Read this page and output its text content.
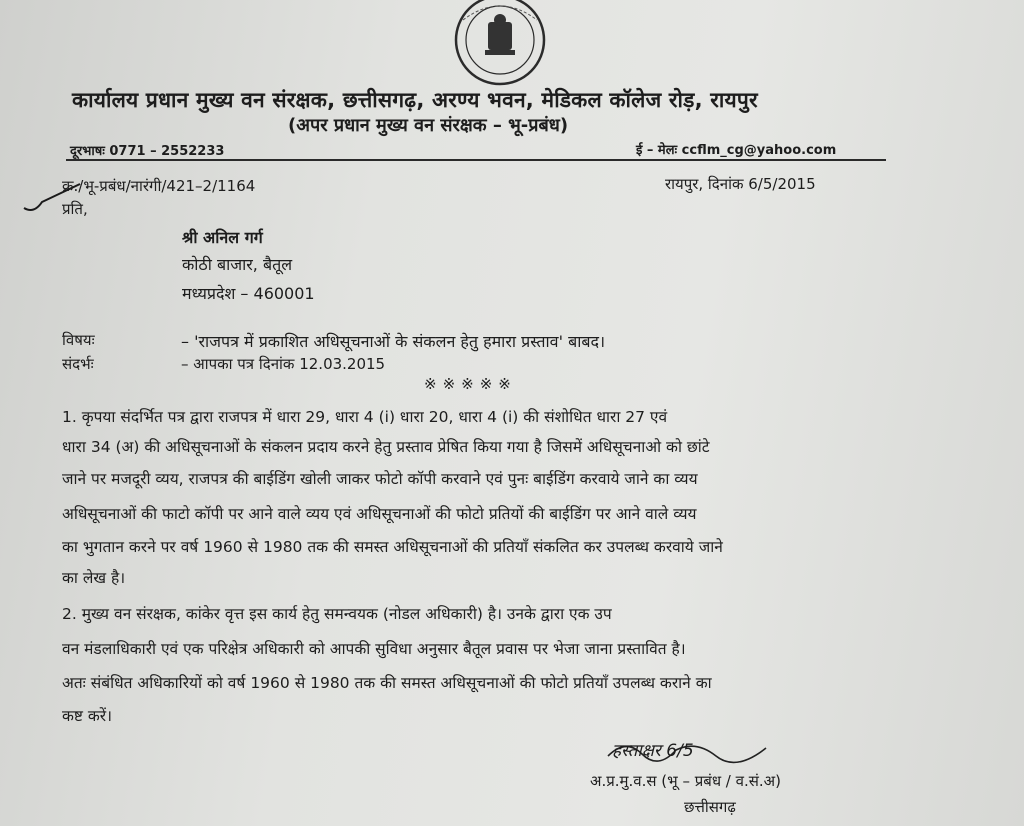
कार्यालय प्रधान मुख्य वन संरक्षक, छत्तीसगढ़, अरण्य भवन, मेडिकल कॉलेज रोड़, रायपुर
(अपर प्रधान मुख्य वन संरक्षक – भू-प्रबंध)
दूरभाषः 0771 – 2552233	ई – मेलः ccflm_cg@yahoo.com
क्र./भू-प्रबंध/नारंगी/421–2/1164	रायपुर, दिनांक 6/5/2015
प्रति,
श्री अनिल गर्ग
कोठी बाजार, बैतूल
मध्यप्रदेश – 460001
विषयः	– 'राजपत्र में प्रकाशित अधिसूचनाओं के संकलन हेतु हमारा प्रस्ताव' बाबद।
संदर्भः	– आपका पत्र दिनांक 12.03.2015
※※※※※
1. कृपया संदर्भित पत्र द्वारा राजपत्र में धारा 29, धारा 4 (i) धारा 20, धारा 4 (i) की संशोधित धारा 27 एवं
धारा 34 (अ) की अधिसूचनाओं के संकलन प्रदाय करने हेतु प्रस्ताव प्रेषित किया गया है जिसमें अधिसूचनाओ को छांटे
जाने पर मजदूरी व्यय, राजपत्र की बाईडिंग खोली जाकर फोटो कॉपी करवाने एवं पुनः बाईडिंग करवाये जाने का व्यय
अधिसूचनाओं की फाटो कॉपी पर आने वाले व्यय एवं अधिसूचनाओं की फोटो प्रतियों की बाईडिंग पर आने वाले व्यय
का भुगतान करने पर वर्ष 1960 से 1980 तक की समस्त अधिसूचनाओं की प्रतियाँ संकलित कर उपलब्ध करवाये जाने
का लेख है।
2. मुख्य वन संरक्षक, कांकेर वृत्त इस कार्य हेतु समन्वयक (नोडल अधिकारी) है। उनके द्वारा एक उप
वन मंडलाधिकारी एवं एक परिक्षेत्र अधिकारी को आपकी सुविधा अनुसार बैतूल प्रवास पर भेजा जाना प्रस्तावित है।
अतः संबंधित अधिकारियों को वर्ष 1960 से 1980 तक की समस्त अधिसूचनाओं की फोटो प्रतियाँ उपलब्ध कराने का
कष्ट करें।
हस्ताक्षर 6/5
अ.प्र.मु.व.स (भू – प्रबंध / व.सं.अ)
छत्तीसगढ़
